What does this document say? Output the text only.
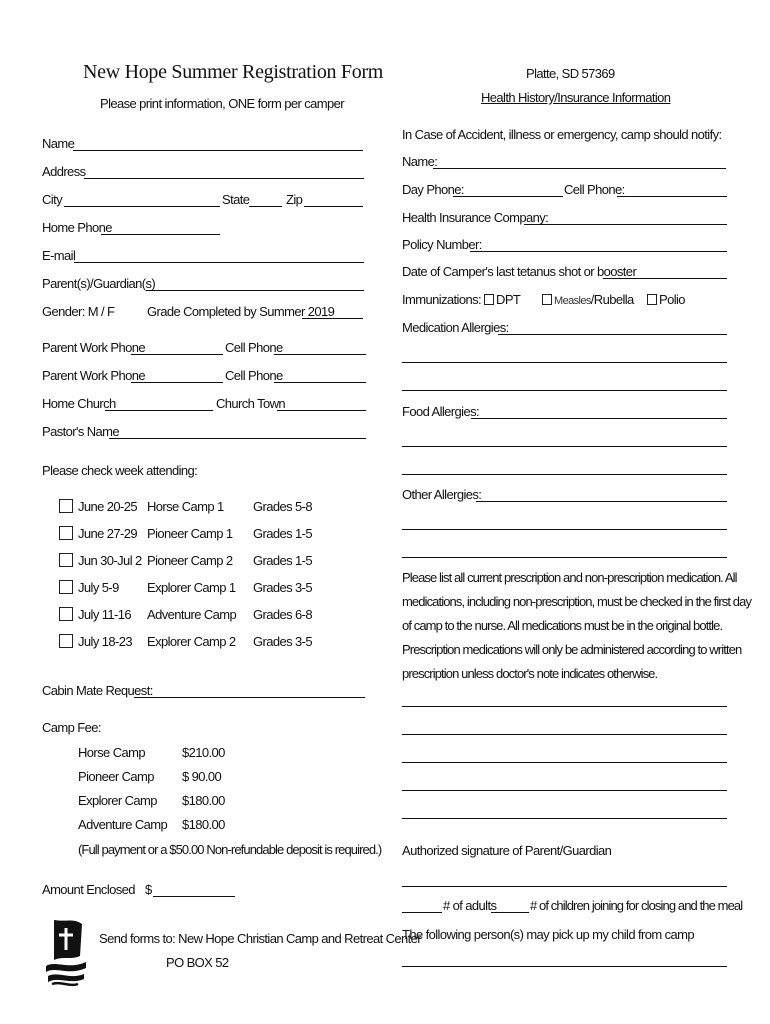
New Hope Summer Registration Form
Please print information, ONE form per camper
Name
Address
City	State	Zip
Home Phone
E-mail
Parent(s)/Guardian(s)
Gender: M / F	Grade Completed by Summer 2019
Parent Work Phone	Cell Phone
Parent Work Phone	Cell Phone
Home Church	Church Town
Pastor's Name
Please check week attending:
June 20-25 Horse Camp 1 Grades 5-8
June 27-29 Pioneer Camp 1 Grades 1-5
Jun 30-Jul 2 Pioneer Camp 2 Grades 1-5
July 5-9 Explorer Camp 1 Grades 3-5
July 11-16 Adventure Camp Grades 6-8
July 18-23 Explorer Camp 2 Grades 3-5
Cabin Mate Request:
Camp Fee:
Horse Camp	$210.00
Pioneer Camp $ 90.00
Explorer Camp $180.00
Adventure Camp $180.00
(Full payment or a $50.00 Non-refundable deposit is required.)
Amount Enclosed $
Send forms to: New Hope Christian Camp and Retreat Center
PO BOX 52
Platte, SD 57369
Health History/Insurance Information
In Case of Accident, illness or emergency, camp should notify:
Name:
Day Phone:	Cell Phone:
Health Insurance Company:
Policy Number:
Date of Camper's last tetanus shot or booster
Immunizations: DPT	Measles/Rubella	Polio
Medication Allergies:
Food Allergies:
Other Allergies:
Please list all current prescription and non-prescription medication. All
medications, including non-prescription, must be checked in the first day
of camp to the nurse. All medications must be in the original bottle.
Prescription medications will only be administered according to written
prescription unless doctor's note indicates otherwise.
Authorized signature of Parent/Guardian
# of adults	# of children joining for closing and the meal
The following person(s) may pick up my child from camp
